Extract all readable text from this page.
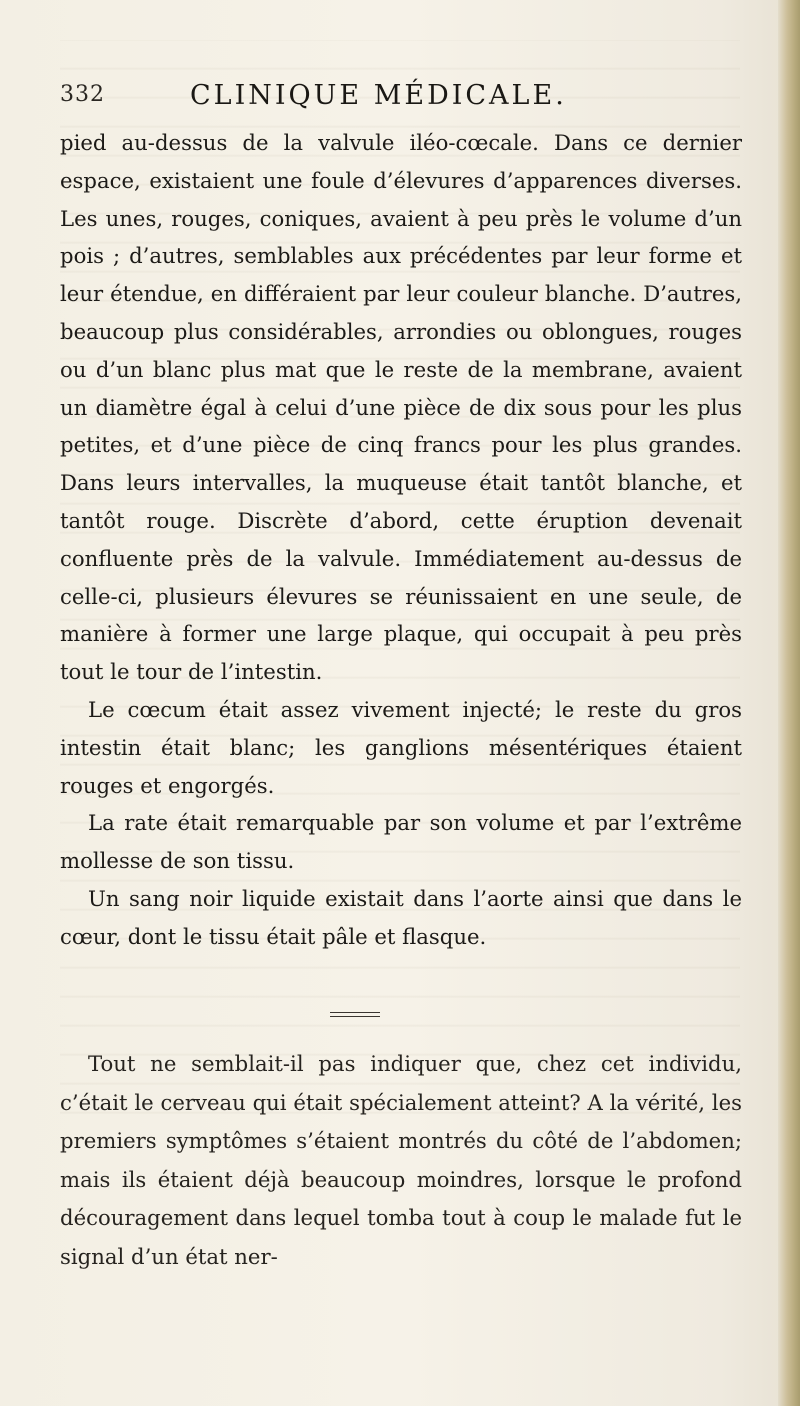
332	CLINIQUE MÉDICALE.

pied au-dessus de la valvule iléo-cœcale. Dans ce dernier espace, existaient une foule d’élevures d’apparences diverses. Les unes, rouges, coniques, avaient à peu près le volume d’un pois ; d’autres, semblables aux précédentes par leur forme et leur étendue, en différaient par leur couleur blanche. D’autres, beaucoup plus considérables, arrondies ou oblongues, rouges ou d’un blanc plus mat que le reste de la membrane, avaient un diamètre égal à celui d’une pièce de dix sous pour les plus petites, et d’une pièce de cinq francs pour les plus grandes. Dans leurs intervalles, la muqueuse était tantôt blanche, et tantôt rouge. Discrète d’abord, cette éruption devenait confluente près de la valvule. Immédiatement au-dessus de celle-ci, plusieurs élevures se réunissaient en une seule, de manière à former une large plaque, qui occupait à peu près tout le tour de l’intestin.

Le cœcum était assez vivement injecté; le reste du gros intestin était blanc; les ganglions mésentériques étaient rouges et engorgés.

La rate était remarquable par son volume et par l’extrême mollesse de son tissu.

Un sang noir liquide existait dans l’aorte ainsi que dans le cœur, dont le tissu était pâle et flasque.

Tout ne semblait-il pas indiquer que, chez cet individu, c’était le cerveau qui était spécialement atteint? A la vérité, les premiers symptômes s’étaient montrés du côté de l’abdomen; mais ils étaient déjà beaucoup moindres, lorsque le profond découragement dans lequel tomba tout à coup le malade fut le signal d’un état ner-
